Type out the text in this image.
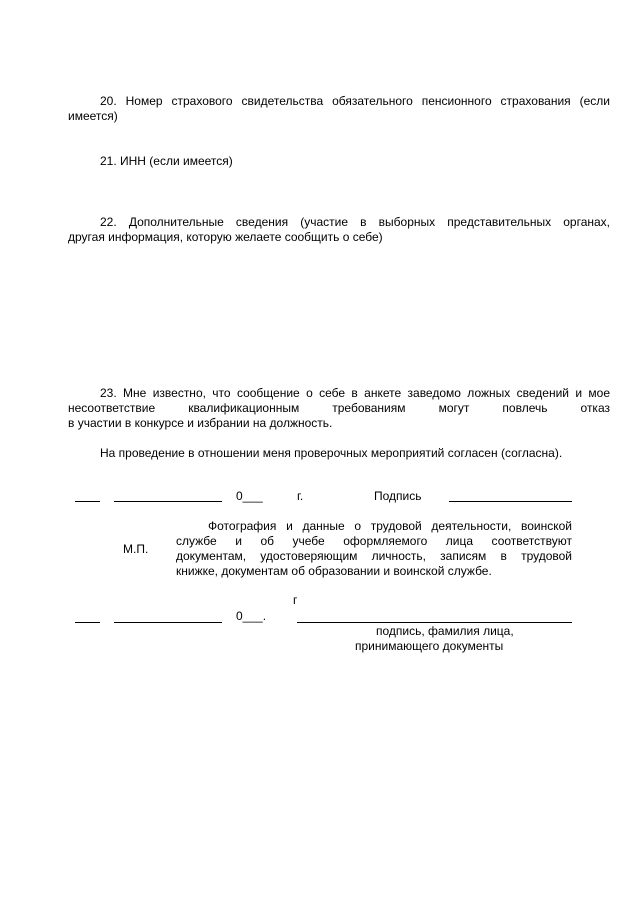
20. Номер страхового свидетельства обязательного пенсионного страхования (если
имеется)
21. ИНН (если имеется)
22. Дополнительные сведения (участие в выборных представительных органах,
другая информация, которую желаете сообщить о себе)
23. Мне известно, что сообщение о себе в анкете заведомо ложных сведений и мое
несоответствие квалификационным требованиям могут повлечь отказ
в участии в конкурсе и избрании на должность.
На проведение в отношении меня проверочных мероприятий согласен (согласна).
0___	г.	Подпись
М.П.
Фотография и данные о трудовой деятельности, воинской
службе и об учебе оформляемого лица соответствуют
документам, удостоверяющим личность, записям в трудовой
книжке, документам об образовании и воинской службе.
г
0___.
подпись, фамилия лица,
принимающего документы
